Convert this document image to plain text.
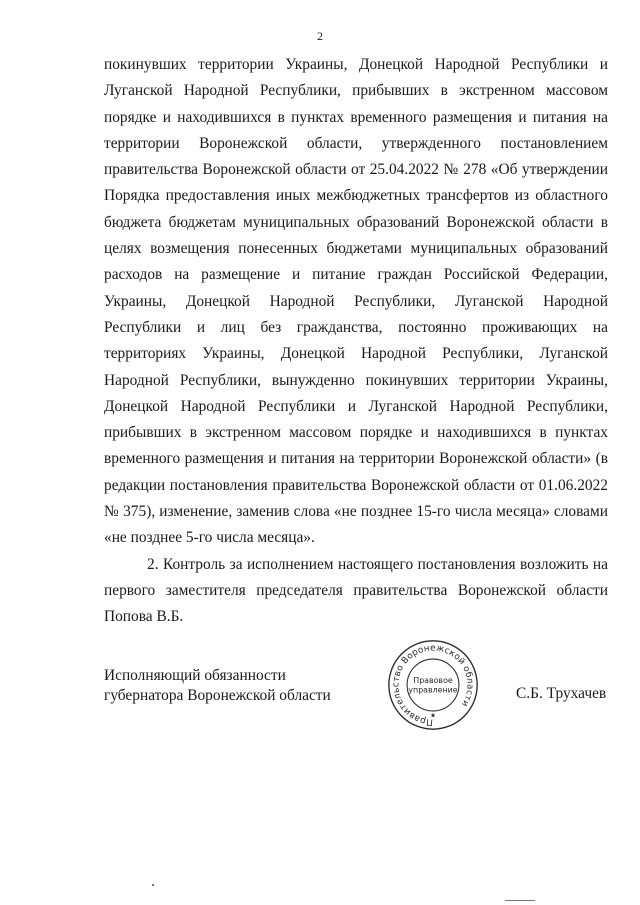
2

покинувших территории Украины, Донецкой Народной Республики и Луганской Народной Республики, прибывших в экстренном массовом порядке и находившихся в пунктах временного размещения и питания на территории Воронежской области, утвержденного постановлением правительства Воронежской области от 25.04.2022 № 278 «Об утверждении Порядка предоставления иных межбюджетных трансфертов из областного бюджета бюджетам муниципальных образований Воронежской области в целях возмещения понесенных бюджетами муниципальных образований расходов на размещение и питание граждан Российской Федерации, Украины, Донецкой Народной Республики, Луганской Народной Республики и лиц без гражданства, постоянно проживающих на территориях Украины, Донецкой Народной Республики, Луганской Народной Республики, вынужденно покинувших территории Украины, Донецкой Народной Республики и Луганской Народной Республики, прибывших в экстренном массовом порядке и находившихся в пунктах временного размещения и питания на территории Воронежской области» (в редакции постановления правительства Воронежской области от 01.06.2022 № 375), изменение, заменив слова «не позднее 15-го числа месяца» словами «не позднее 5-го числа месяца».

2. Контроль за исполнением настоящего постановления возложить на первого заместителя председателя правительства Воронежской области Попова В.Б.

Исполняющий обязанности
губернатора Воронежской области
Правительство Воронежской области
Правовое
управление
★
С.Б. Трухачев
